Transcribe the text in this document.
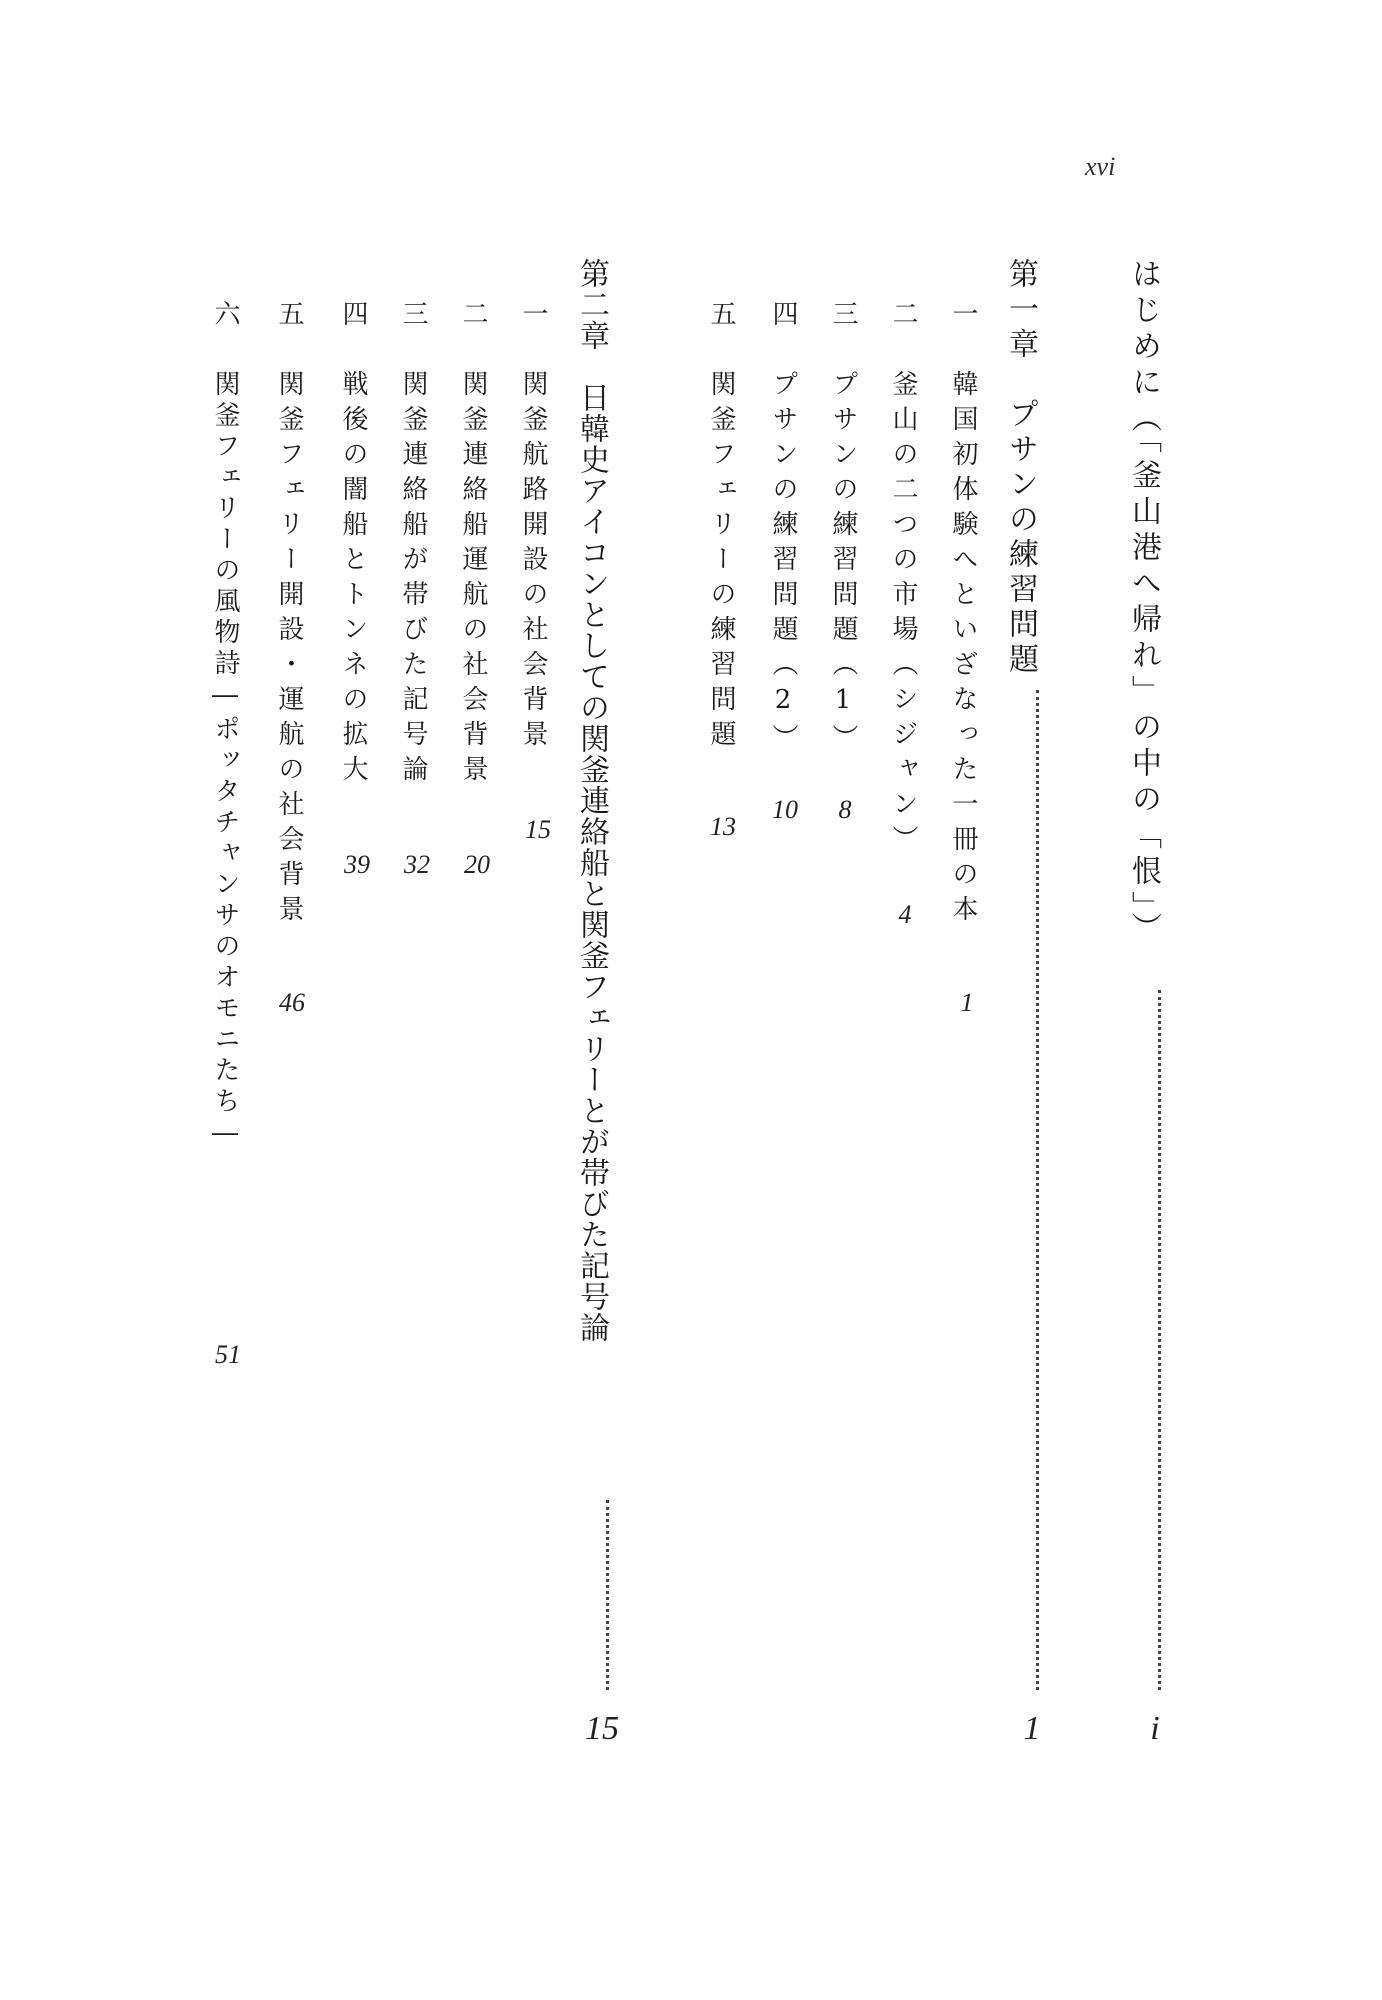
xvi
はじめに（「釜山港へ帰れ」の中の「恨」）
i
第一章　プサンの練習問題
1
一
韓国初体験へといざなった一冊の本
1
二
釜山の二つの市場（シジャン）
4
三
プサンの練習問題（1）
8
四
プサンの練習問題（2）
10
五
関釜フェリーの練習問題
13
第二章　日韓史アイコンとしての関釜連絡船と関釜フェリーとが帯びた記号論
15
一
関釜航路開設の社会背景
15
二
関釜連絡船運航の社会背景
20
三
関釜連絡船が帯びた記号論
32
四
戦後の闇船とトンネの拡大
39
五
関釜フェリー開設・運航の社会背景
46
六
関釜フェリーの風物詩―ポッタチャンサのオモニたち―
51
